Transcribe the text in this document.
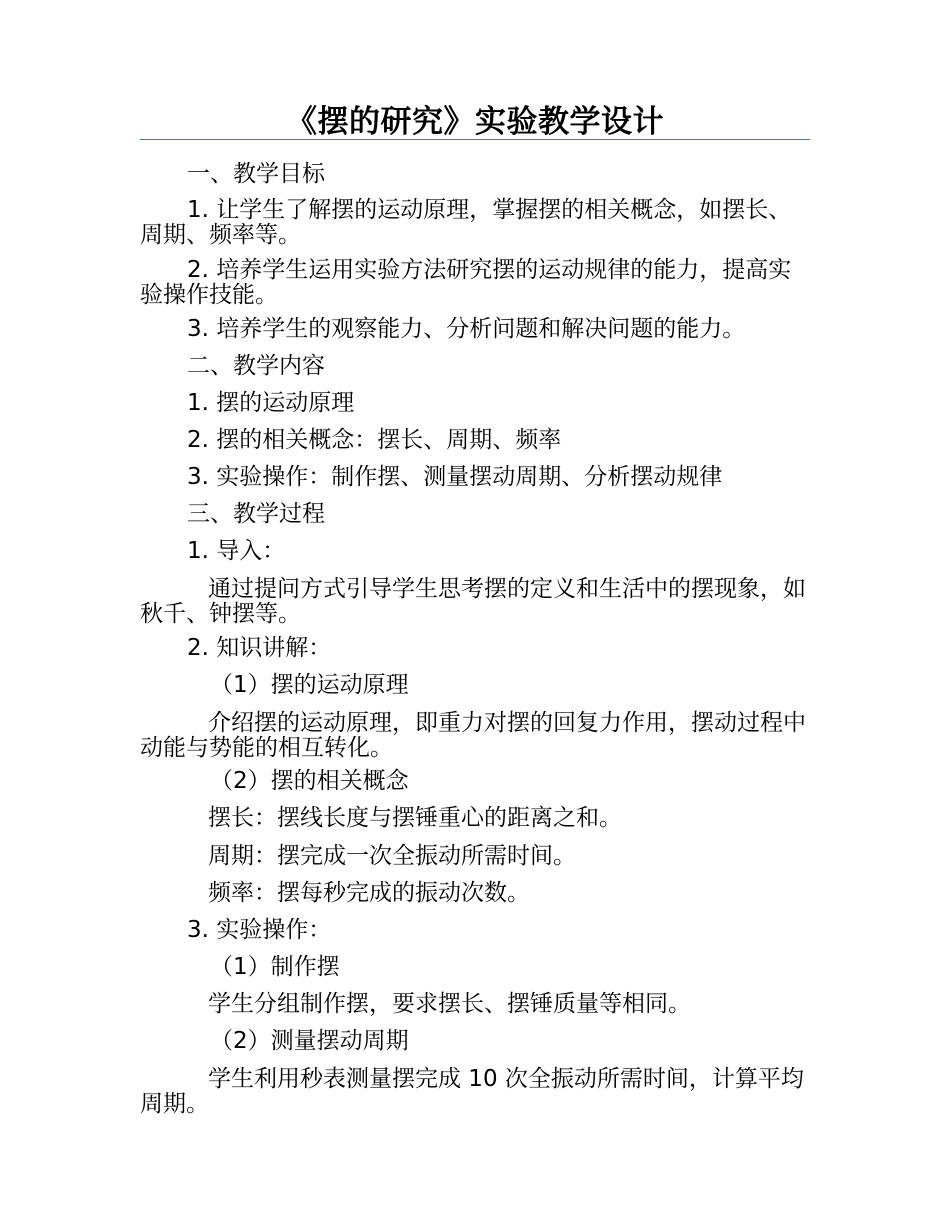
《摆的研究》实验教学设计

一、教学目标

1. 让学生了解摆的运动原理，掌握摆的相关概念，如摆长、周期、频率等。

2. 培养学生运用实验方法研究摆的运动规律的能力，提高实验操作技能。

3. 培养学生的观察能力、分析问题和解决问题的能力。

二、教学内容

1. 摆的运动原理

2. 摆的相关概念：摆长、周期、频率

3. 实验操作：制作摆、测量摆动周期、分析摆动规律

三、教学过程

1. 导入：

通过提问方式引导学生思考摆的定义和生活中的摆现象，如秋千、钟摆等。

2. 知识讲解：

（1）摆的运动原理

介绍摆的运动原理，即重力对摆的回复力作用，摆动过程中动能与势能的相互转化。

（2）摆的相关概念

摆长：摆线长度与摆锤重心的距离之和。

周期：摆完成一次全振动所需时间。

频率：摆每秒完成的振动次数。

3. 实验操作：

（1）制作摆

学生分组制作摆，要求摆长、摆锤质量等相同。

（2）测量摆动周期

学生利用秒表测量摆完成 10 次全振动所需时间，计算平均周期。
